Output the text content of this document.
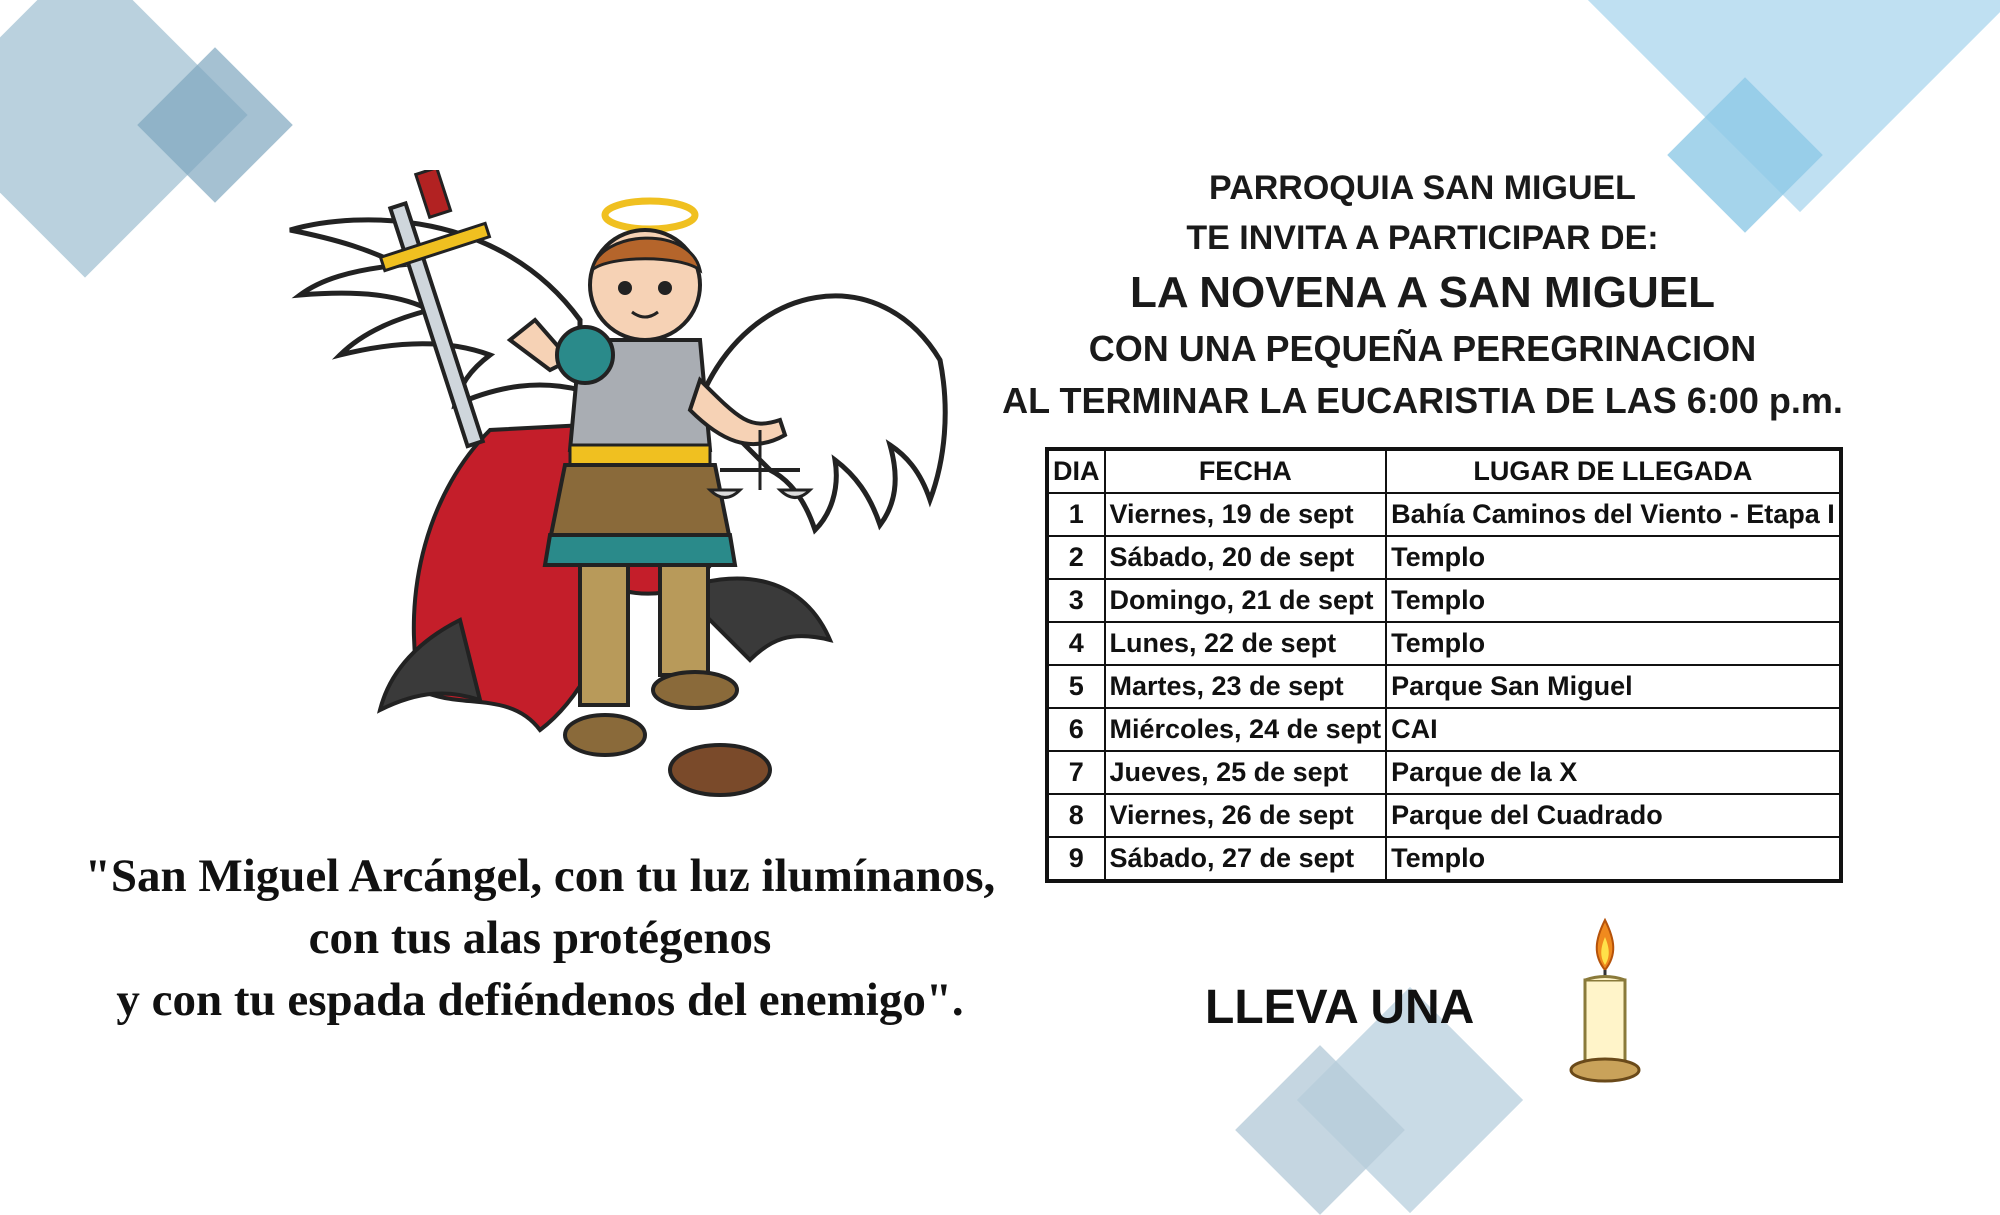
PARROQUIA SAN MIGUEL
TE INVITA A PARTICIPAR DE:
LA NOVENA A SAN MIGUEL
CON UNA PEQUEÑA PEREGRINACION
AL TERMINAR LA EUCARISTIA DE LAS 6:00 p.m.
DIA	FECHA	LUGAR DE LLEGADA
1	Viernes, 19 de sept	Bahía Caminos del Viento - Etapa I
2	Sábado, 20 de sept	Templo
3	Domingo, 21 de sept	Templo
4	Lunes, 22 de sept	Templo
5	Martes, 23 de sept	Parque San Miguel
6	Miércoles, 24 de sept	CAI
7	Jueves, 25 de sept	Parque de la X
8	Viernes, 26 de sept	Parque del Cuadrado
9	Sábado, 27 de sept	Templo
"San Miguel Arcángel, con tu luz ilumínanos,
con tus alas protégenos
y con tu espada defiéndenos del enemigo".	LLEVA UNA
